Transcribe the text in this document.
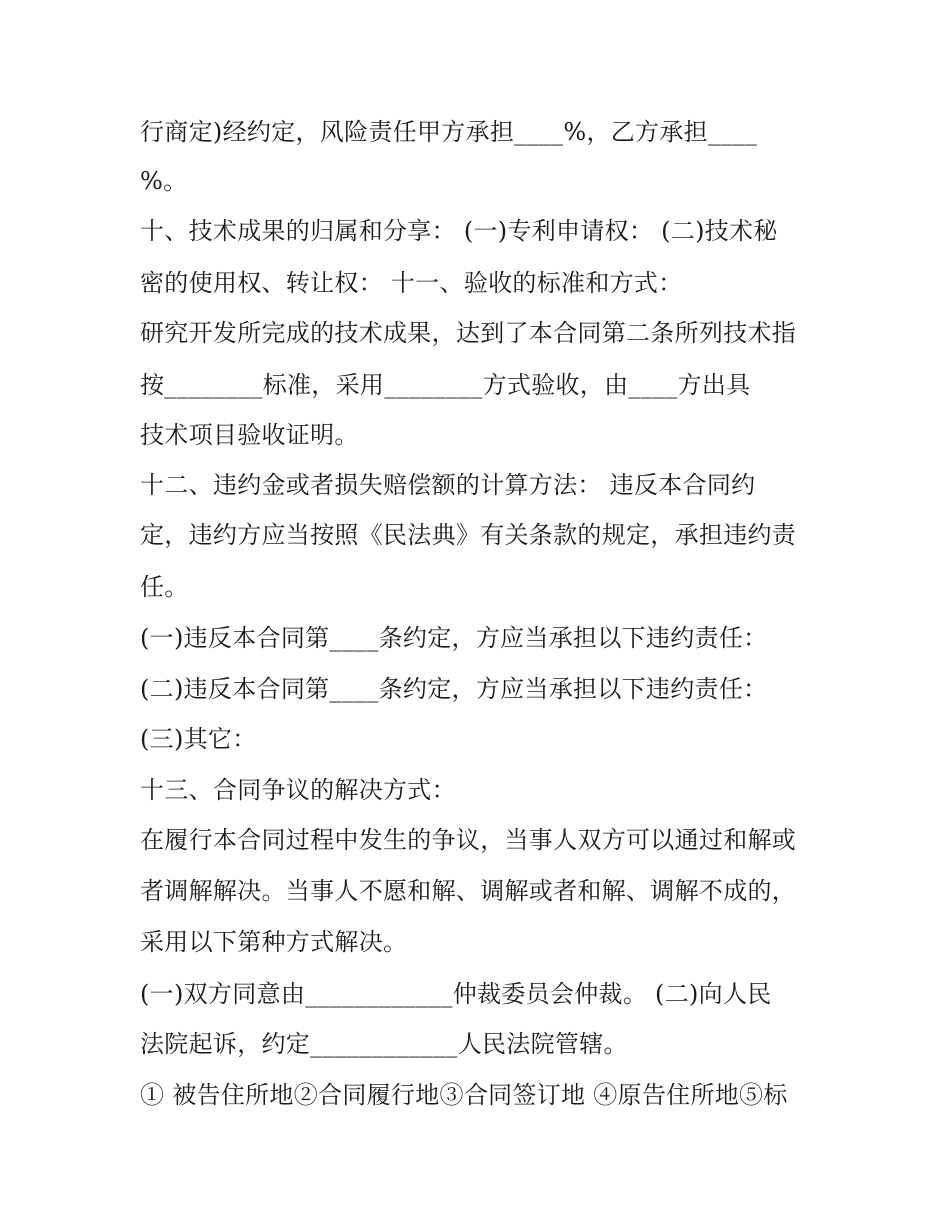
行商定)经约定，风险责任甲方承担____%，乙方承担____
%。
十、技术成果的归属和分享： (一)专利申请权： (二)技术秘
密的使用权、转让权： 十一、验收的标准和方式：
研究开发所完成的技术成果，达到了本合同第二条所列技术指
按________标准，采用________方式验收，由____方出具
技术项目验收证明。
十二、违约金或者损失赔偿额的计算方法： 违反本合同约
定，违约方应当按照《民法典》有关条款的规定，承担违约责
任。
(一)违反本合同第____条约定，方应当承担以下违约责任：
(二)违反本合同第____条约定，方应当承担以下违约责任：
(三)其它：
十三、合同争议的解决方式：
在履行本合同过程中发生的争议，当事人双方可以通过和解或
者调解解决。当事人不愿和解、调解或者和解、调解不成的，
采用以下第种方式解决。
(一)双方同意由____________仲裁委员会仲裁。 (二)向人民
法院起诉，约定____________人民法院管辖。
① 被告住所地②合同履行地③合同签订地 ④原告住所地⑤标
